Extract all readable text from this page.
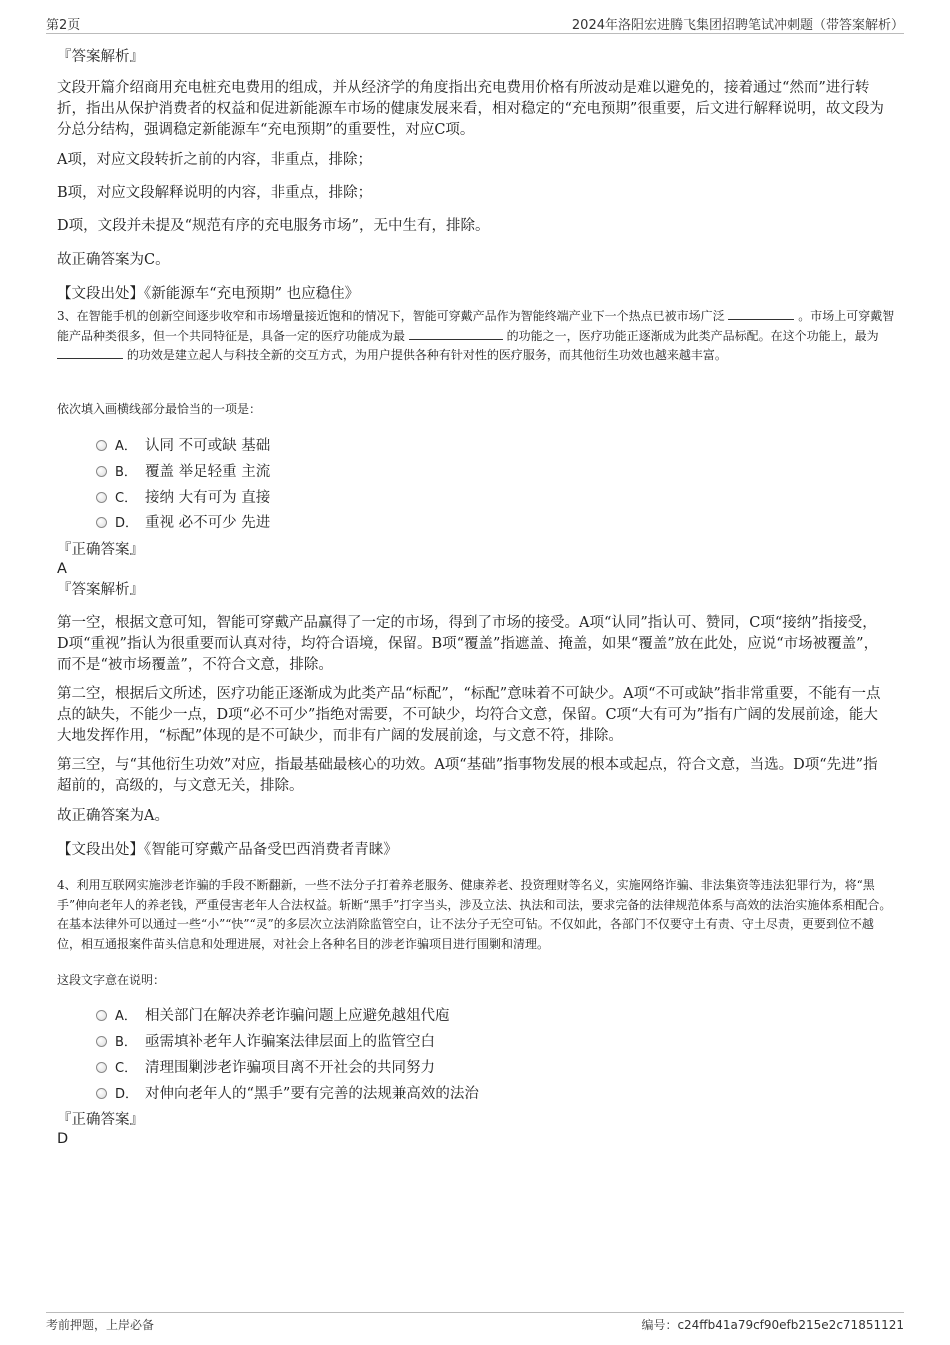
第2页	2024年洛阳宏进腾飞集团招聘笔试冲刺题（带答案解析）
『答案解析』
文段开篇介绍商用充电桩充电费用的组成，并从经济学的角度指出充电费用价格有所波动是难以避免的，接着通过“然而”进行转折，指出从保护消费者的权益和促进新能源车市场的健康发展来看，相对稳定的“充电预期”很重要，后文进行解释说明，故文段为分总分结构，强调稳定新能源车“充电预期”的重要性，对应C项。
A项，对应文段转折之前的内容，非重点，排除；
B项，对应文段解释说明的内容，非重点，排除；
D项，文段并未提及“规范有序的充电服务市场”，无中生有，排除。
故正确答案为C。
【文段出处】《新能源车“充电预期” 也应稳住》
3、在智能手机的创新空间逐步收窄和市场增量接近饱和的情况下，智能可穿戴产品作为智能终端产业下一个热点已被市场广泛	。市场上可穿戴智能产品种类很多，但一个共同特征是，具备一定的医疗功能成为最	的功能之一，医疗功能正逐渐成为此类产品标配。在这个功能上，最为  的功效是建立起人与科技全新的交互方式，为用户提供各种有针对性的医疗服务，而其他衍生功效也越来越丰富。
依次填入画横线部分最恰当的一项是：
A． 认同 不可或缺 基础
B． 覆盖 举足轻重 主流
C． 接纳 大有可为 直接
D． 重视 必不可少 先进
『正确答案』
A
『答案解析』
第一空，根据文意可知，智能可穿戴产品赢得了一定的市场，得到了市场的接受。A项“认同”指认可、赞同，C项“接纳”指接受，D项“重视”指认为很重要而认真对待，均符合语境，保留。B项“覆盖”指遮盖、掩盖，如果“覆盖”放在此处，应说“市场被覆盖”，而不是“被市场覆盖”，不符合文意，排除。
第二空，根据后文所述，医疗功能正逐渐成为此类产品“标配”，“标配”意味着不可缺少。A项“不可或缺”指非常重要，不能有一点点的缺失，不能少一点，D项“必不可少”指绝对需要，不可缺少，均符合文意，保留。C项“大有可为”指有广阔的发展前途，能大大地发挥作用，“标配”体现的是不可缺少，而非有广阔的发展前途，与文意不符，排除。
第三空，与“其他衍生功效”对应，指最基础最核心的功效。A项“基础”指事物发展的根本或起点，符合文意，当选。D项“先进”指超前的，高级的，与文意无关，排除。
故正确答案为A。
【文段出处】《智能可穿戴产品备受巴西消费者青睐》
4、利用互联网实施涉老诈骗的手段不断翻新，一些不法分子打着养老服务、健康养老、投资理财等名义，实施网络诈骗、非法集资等违法犯罪行为，将“黑手”伸向老年人的养老钱，严重侵害老年人合法权益。斩断“黑手”打字当头，涉及立法、执法和司法，要求完备的法律规范体系与高效的法治实施体系相配合。在基本法律外可以通过一些“小”“快”“灵”的多层次立法消除监管空白，让不法分子无空可钻。不仅如此，各部门不仅要守土有责、守土尽责，更要到位不越位，相互通报案件苗头信息和处理进展，对社会上各种名目的涉老诈骗项目进行围剿和清理。
这段文字意在说明：
A． 相关部门在解决养老诈骗问题上应避免越俎代庖
B． 亟需填补老年人诈骗案法律层面上的监管空白
C． 清理围剿涉老诈骗项目离不开社会的共同努力
D． 对伸向老年人的“黑手”要有完善的法规兼高效的法治
『正确答案』
D
考前押题，上岸必备	编号：c24ffb41a79cf90efb215e2c71851121
